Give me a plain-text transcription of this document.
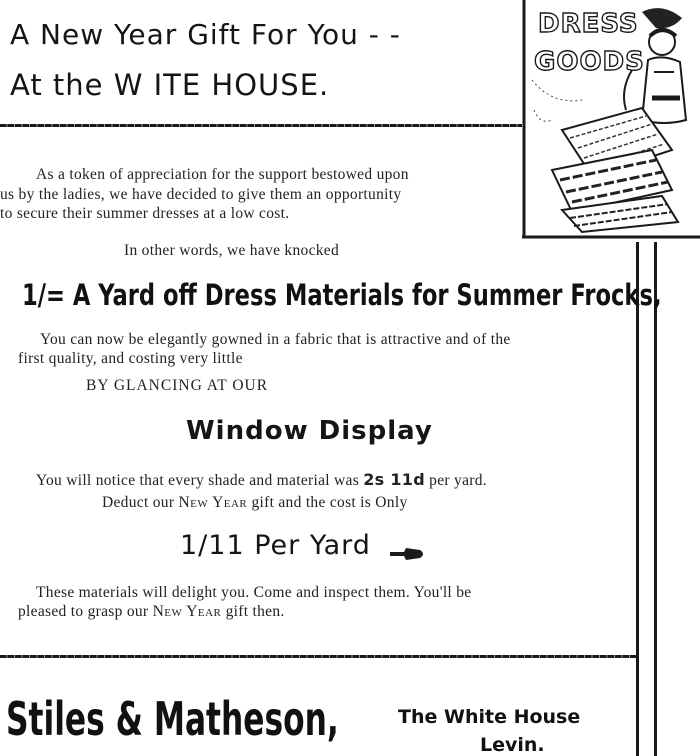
A New Year Gift For You - -
At the W ITE HOUSE.
DRESS
GOODS
As a token of appreciation for the support bestowed upon
us by the ladies, we have decided to give them an opportunity
to secure their summer dresses at a low cost.
In other words, we have knocked
1/= A Yard off Dress Materials for Summer Frocks,
You can now be elegantly gowned in a fabric that is attractive and of the
first quality, and costing very little
BY GLANCING AT OUR
Window Display
You will notice that every shade and material was 2s 11d per yard.
Deduct our New Year gift and the cost is Only
1/11 Per Yard
These materials will delight you. Come and inspect them. You'll be
pleased to grasp our New Year gift then.
Stiles & Matheson,	The White House
Levin.
